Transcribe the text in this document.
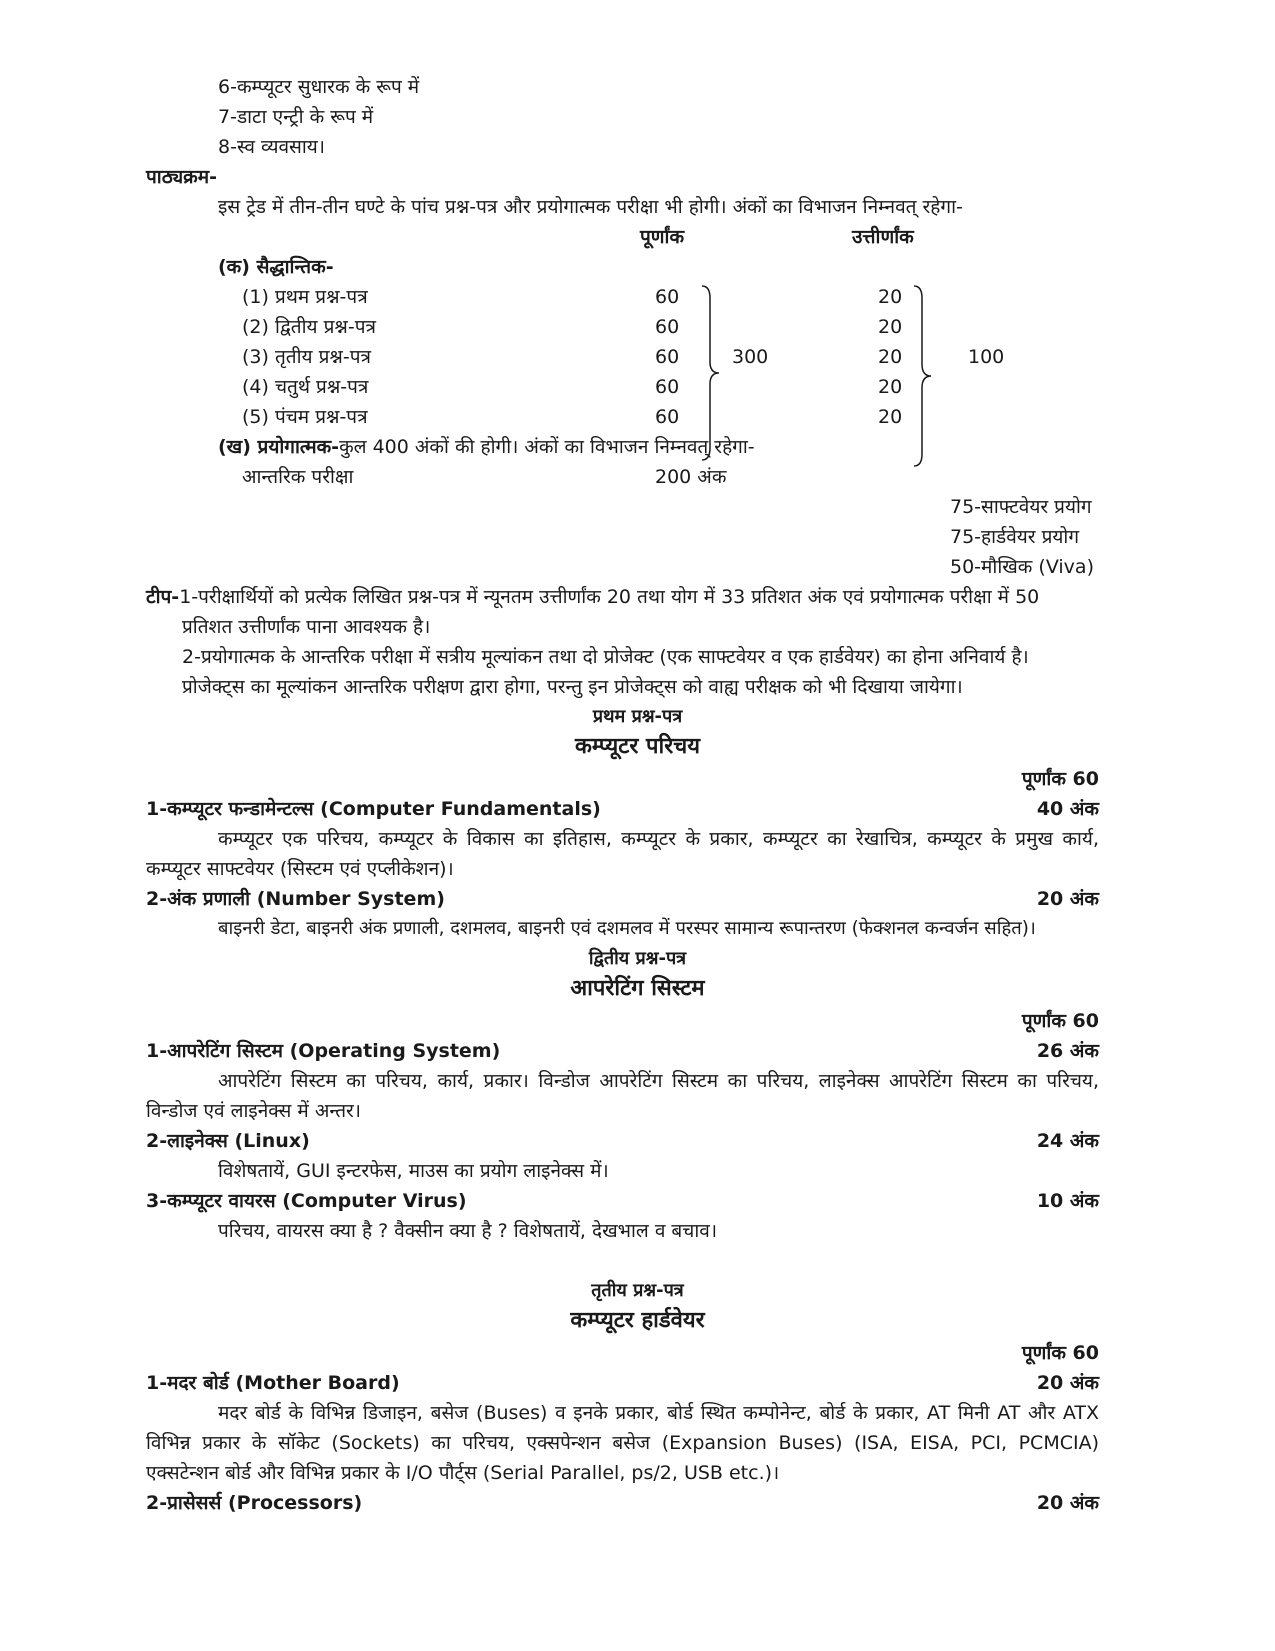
6-कम्प्यूटर सुधारक के रूप में
7-डाटा एन्ट्री के रूप में
8-स्व व्यवसाय।
पाठ्यक्रम-
इस ट्रेड में तीन-तीन घण्टे के पांच प्रश्न-पत्र और प्रयोगात्मक परीक्षा भी होगी। अंकों का विभाजन निम्नवत् रहेगा-
पूर्णांक	उत्तीर्णांक
(क) सैद्धान्तिक-
(1) प्रथम प्रश्न-पत्र	60	20
(2) द्वितीय प्रश्न-पत्र	60	20
(3) तृतीय प्रश्न-पत्र	60	20
(4) चतुर्थ प्रश्न-पत्र	60	20
(5) पंचम प्रश्न-पत्र	60	20
300	100
(ख) प्रयोगात्मक-कुल 400 अंकों की होगी। अंकों का विभाजन निम्नवत् रहेगा-
आन्तरिक परीक्षा	200 अंक
75-साफ्टवेयर प्रयोग
75-हार्डवेयर प्रयोग
50-मौखिक (Viva)
टीप-1-परीक्षार्थियों को प्रत्येक लिखित प्रश्न-पत्र में न्यूनतम उत्तीर्णांक 20 तथा योग में 33 प्रतिशत अंक एवं प्रयोगात्मक परीक्षा में 50
प्रतिशत उत्तीर्णांक पाना आवश्यक है।
2-प्रयोगात्मक के आन्तरिक परीक्षा में सत्रीय मूल्यांकन तथा दो प्रोजेक्ट (एक साफ्टवेयर व एक हार्डवेयर) का होना अनिवार्य है।
प्रोजेक्ट्स का मूल्यांकन आन्तरिक परीक्षण द्वारा होगा, परन्तु इन प्रोजेक्ट्स को वाह्य परीक्षक को भी दिखाया जायेगा।
प्रथम प्रश्न-पत्र
कम्प्यूटर परिचय
पूर्णांक 60
1-कम्प्यूटर फन्डामेन्टल्स (Computer Fundamentals)	40 अंक
कम्प्यूटर एक परिचय, कम्प्यूटर के विकास का इतिहास, कम्प्यूटर के प्रकार, कम्प्यूटर का रेखाचित्र, कम्प्यूटर के प्रमुख कार्य, कम्प्यूटर साफ्टवेयर (सिस्टम एवं एप्लीकेशन)।
2-अंक प्रणाली (Number System)	20 अंक
बाइनरी डेटा, बाइनरी अंक प्रणाली, दशमलव, बाइनरी एवं दशमलव में परस्पर सामान्य रूपान्तरण (फेक्शनल कन्वर्जन सहित)।
द्वितीय प्रश्न-पत्र
आपरेटिंग सिस्टम
पूर्णांक 60
1-आपरेटिंग सिस्टम (Operating System)	26 अंक
आपरेटिंग सिस्टम का परिचय, कार्य, प्रकार। विन्डोज आपरेटिंग सिस्टम का परिचय, लाइनेक्स आपरेटिंग सिस्टम का परिचय, विन्डोज एवं लाइनेक्स में अन्तर।
2-लाइनेक्स (Linux)	24 अंक
विशेषतायें, GUI इन्टरफेस, माउस का प्रयोग लाइनेक्स में।
3-कम्प्यूटर वायरस (Computer Virus)	10 अंक
परिचय, वायरस क्या है ? वैक्सीन क्या है ? विशेषतायें, देखभाल व बचाव।
तृतीय प्रश्न-पत्र
कम्प्यूटर हार्डवेयर
पूर्णांक 60
1-मदर बोर्ड (Mother Board)	20 अंक
मदर बोर्ड के विभिन्न डिजाइन, बसेज (Buses) व इनके प्रकार, बोर्ड स्थित कम्पोनेन्ट, बोर्ड के प्रकार, AT मिनी AT और ATX विभिन्न प्रकार के सॉकेट (Sockets) का परिचय, एक्सपेन्शन बसेज (Expansion Buses) (ISA, EISA, PCI, PCMCIA) एक्सटेन्शन बोर्ड और विभिन्न प्रकार के I/O पौर्ट्स (Serial Parallel, ps/2, USB etc.)।
2-प्रासेसर्स (Processors)	20 अंक
